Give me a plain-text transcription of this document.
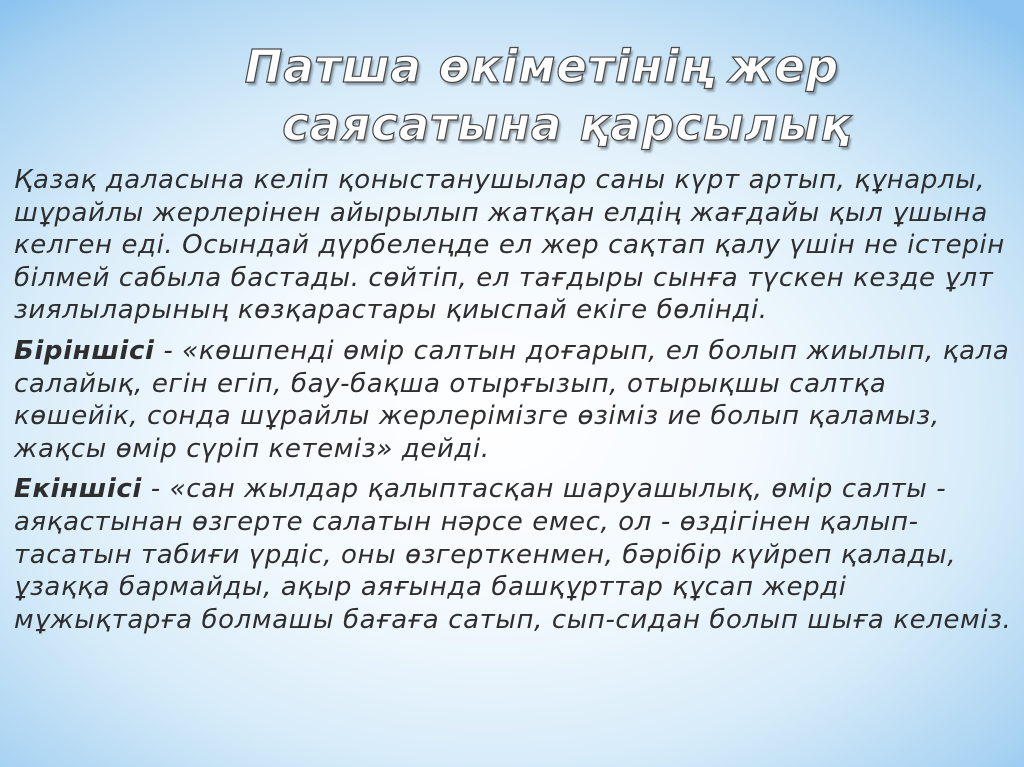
Патша өкіметінің жер
саясатына қарсылық

Қазақ даласына келіп қоныстанушылар саны күрт артып, құнарлы, шұрайлы жерлерінен айырылып жатқан елдің жағдайы қыл ұшына келген еді. Осындай дүрбелеңде ел жер сақтап қалу үшін не істерін білмей сабыла бастады. сөйтіп, ел тағдыры сынға түскен кезде ұлт зиялыларының көзқарастары қиыспай екіге бөлінді.

Біріншісі - «көшпенді өмір салтын доғарып, ел болып жиылып, қала салайық, егін егіп, бау-бақша отырғызып, отырықшы салтқа көшейік, сонда шұрайлы жерлерімізге өзіміз ие болып қаламыз, жақсы өмір сүріп кетеміз» дейді.

Екіншісі - «сан жылдар қалыптасқан шаруашылық, өмір салты - аяқастынан өзгерте салатын нәрсе емес, ол - өздігінен қалып-тасатын табиғи үрдіс, оны өзгерткенмен, бәрібір күйреп қалады, ұзаққа бармайды, ақыр аяғында башқұрттар құсап жерді мұжықтарға болмашы бағаға сатып, сып-сидан болып шыға келеміз.
